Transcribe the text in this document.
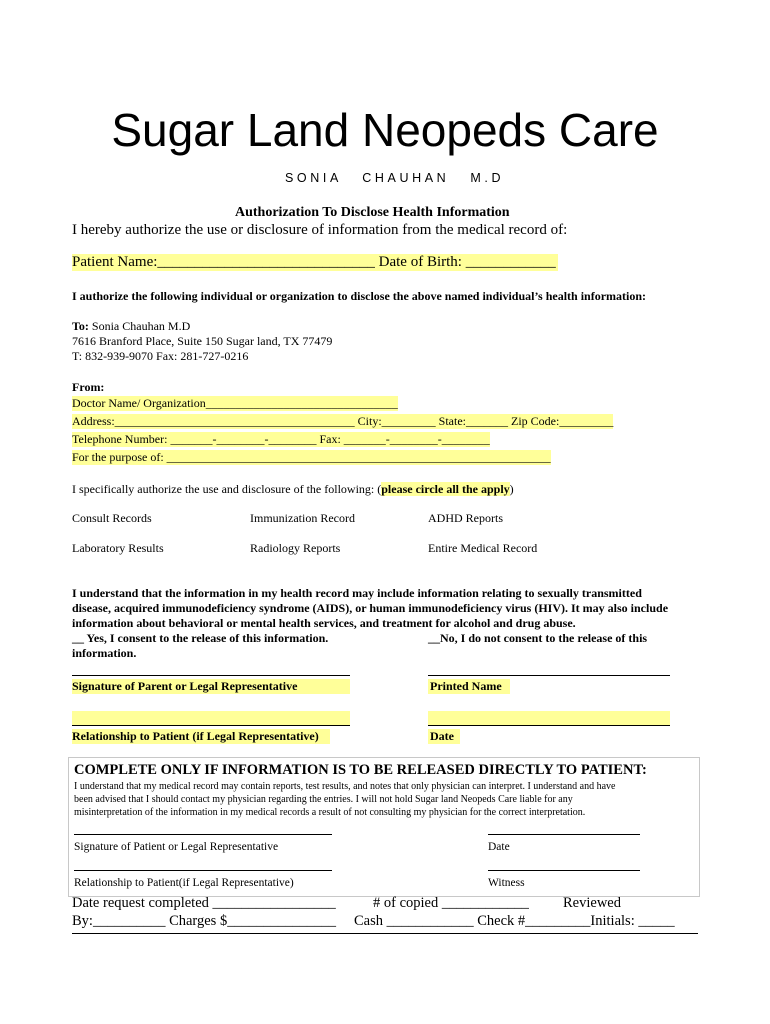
Sugar Land Neopeds Care
SONIA CHAUHAN M.D
Authorization To Disclose Health Information
I hereby authorize the use or disclosure of information from the medical record of:
Patient Name:_____________________________ Date of Birth: ____________
I authorize the following individual or organization to disclose the above named individual’s health information:
To: Sonia Chauhan M.D
7616 Branford Place, Suite 150 Sugar land, TX 77479
T: 832-939-9070 Fax: 281-727-0216
From:
Doctor Name/ Organization________________________________
Address:________________________________________ City:_________ State:_______ Zip Code:_________
Telephone Number: _______-________-________ Fax: _______-________-________
For the purpose of: ________________________________________________________________
I specifically authorize the use and disclosure of the following: (please circle all the apply)
Consult Records	Immunization Record	ADHD Reports
Laboratory Results	Radiology Reports	Entire Medical Record
I understand that the information in my health record may include information relating to sexually transmitted
disease, acquired immunodeficiency syndrome (AIDS), or human immunodeficiency virus (HIV). It may also include
information about behavioral or mental health services, and treatment for alcohol and drug abuse.
__ Yes, I consent to the release of this information.
information.
__No, I do not consent to the release of this
Signature of Parent or Legal Representative	Printed Name
Relationship to Patient (if Legal Representative)	Date
COMPLETE ONLY IF INFORMATION IS TO BE RELEASED DIRECTLY TO PATIENT:
I understand that my medical record may contain reports, test results, and notes that only physician can interpret. I understand and have
been advised that I should contact my physician regarding the entries. I will not hold Sugar land Neopeds Care liable for any
misinterpretation of the information in my medical records a result of not consulting my physician for the correct interpretation.
Signature of Patient or Legal Representative	Date
Relationship to Patient(if Legal Representative)	Witness
Date request completed _________________	# of copied ____________ Reviewed
By:__________ Charges $_______________ Cash ____________ Check #_________Initials: _____
